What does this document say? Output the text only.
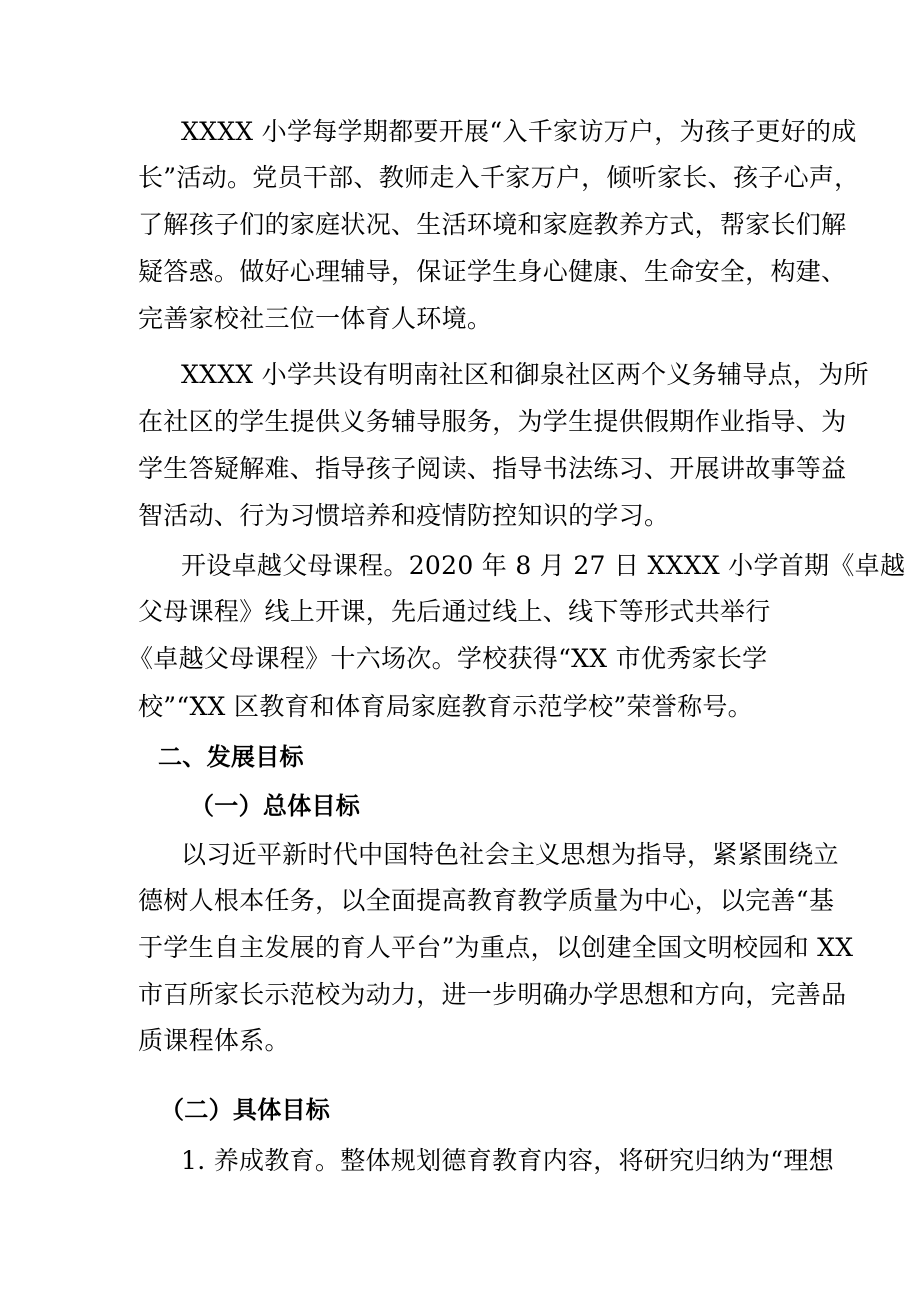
XXXX 小学每学期都要开展“入千家访万户，为孩子更好的成
长”活动。党员干部、教师走入千家万户，倾听家长、孩子心声，
了解孩子们的家庭状况、生活环境和家庭教养方式，帮家长们解
疑答惑。做好心理辅导，保证学生身心健康、生命安全，构建、
完善家校社三位一体育人环境。
XXXX 小学共设有明南社区和御泉社区两个义务辅导点，为所
在社区的学生提供义务辅导服务，为学生提供假期作业指导、为
学生答疑解难、指导孩子阅读、指导书法练习、开展讲故事等益
智活动、行为习惯培养和疫情防控知识的学习。
开设卓越父母课程。2020 年 8 月 27 日 XXXX 小学首期《卓越
父母课程》线上开课，先后通过线上、线下等形式共举行
《卓越父母课程》十六场次。学校获得“XX 市优秀家长学
校”“XX 区教育和体育局家庭教育示范学校”荣誉称号。
二、发展目标
（一）总体目标
以习近平新时代中国特色社会主义思想为指导，紧紧围绕立
德树人根本任务，以全面提高教育教学质量为中心，以完善“基
于学生自主发展的育人平台”为重点，以创建全国文明校园和 XX
市百所家长示范校为动力，进一步明确办学思想和方向，完善品
质课程体系。
（二）具体目标
1. 养成教育。整体规划德育教育内容，将研究归纳为“理想
